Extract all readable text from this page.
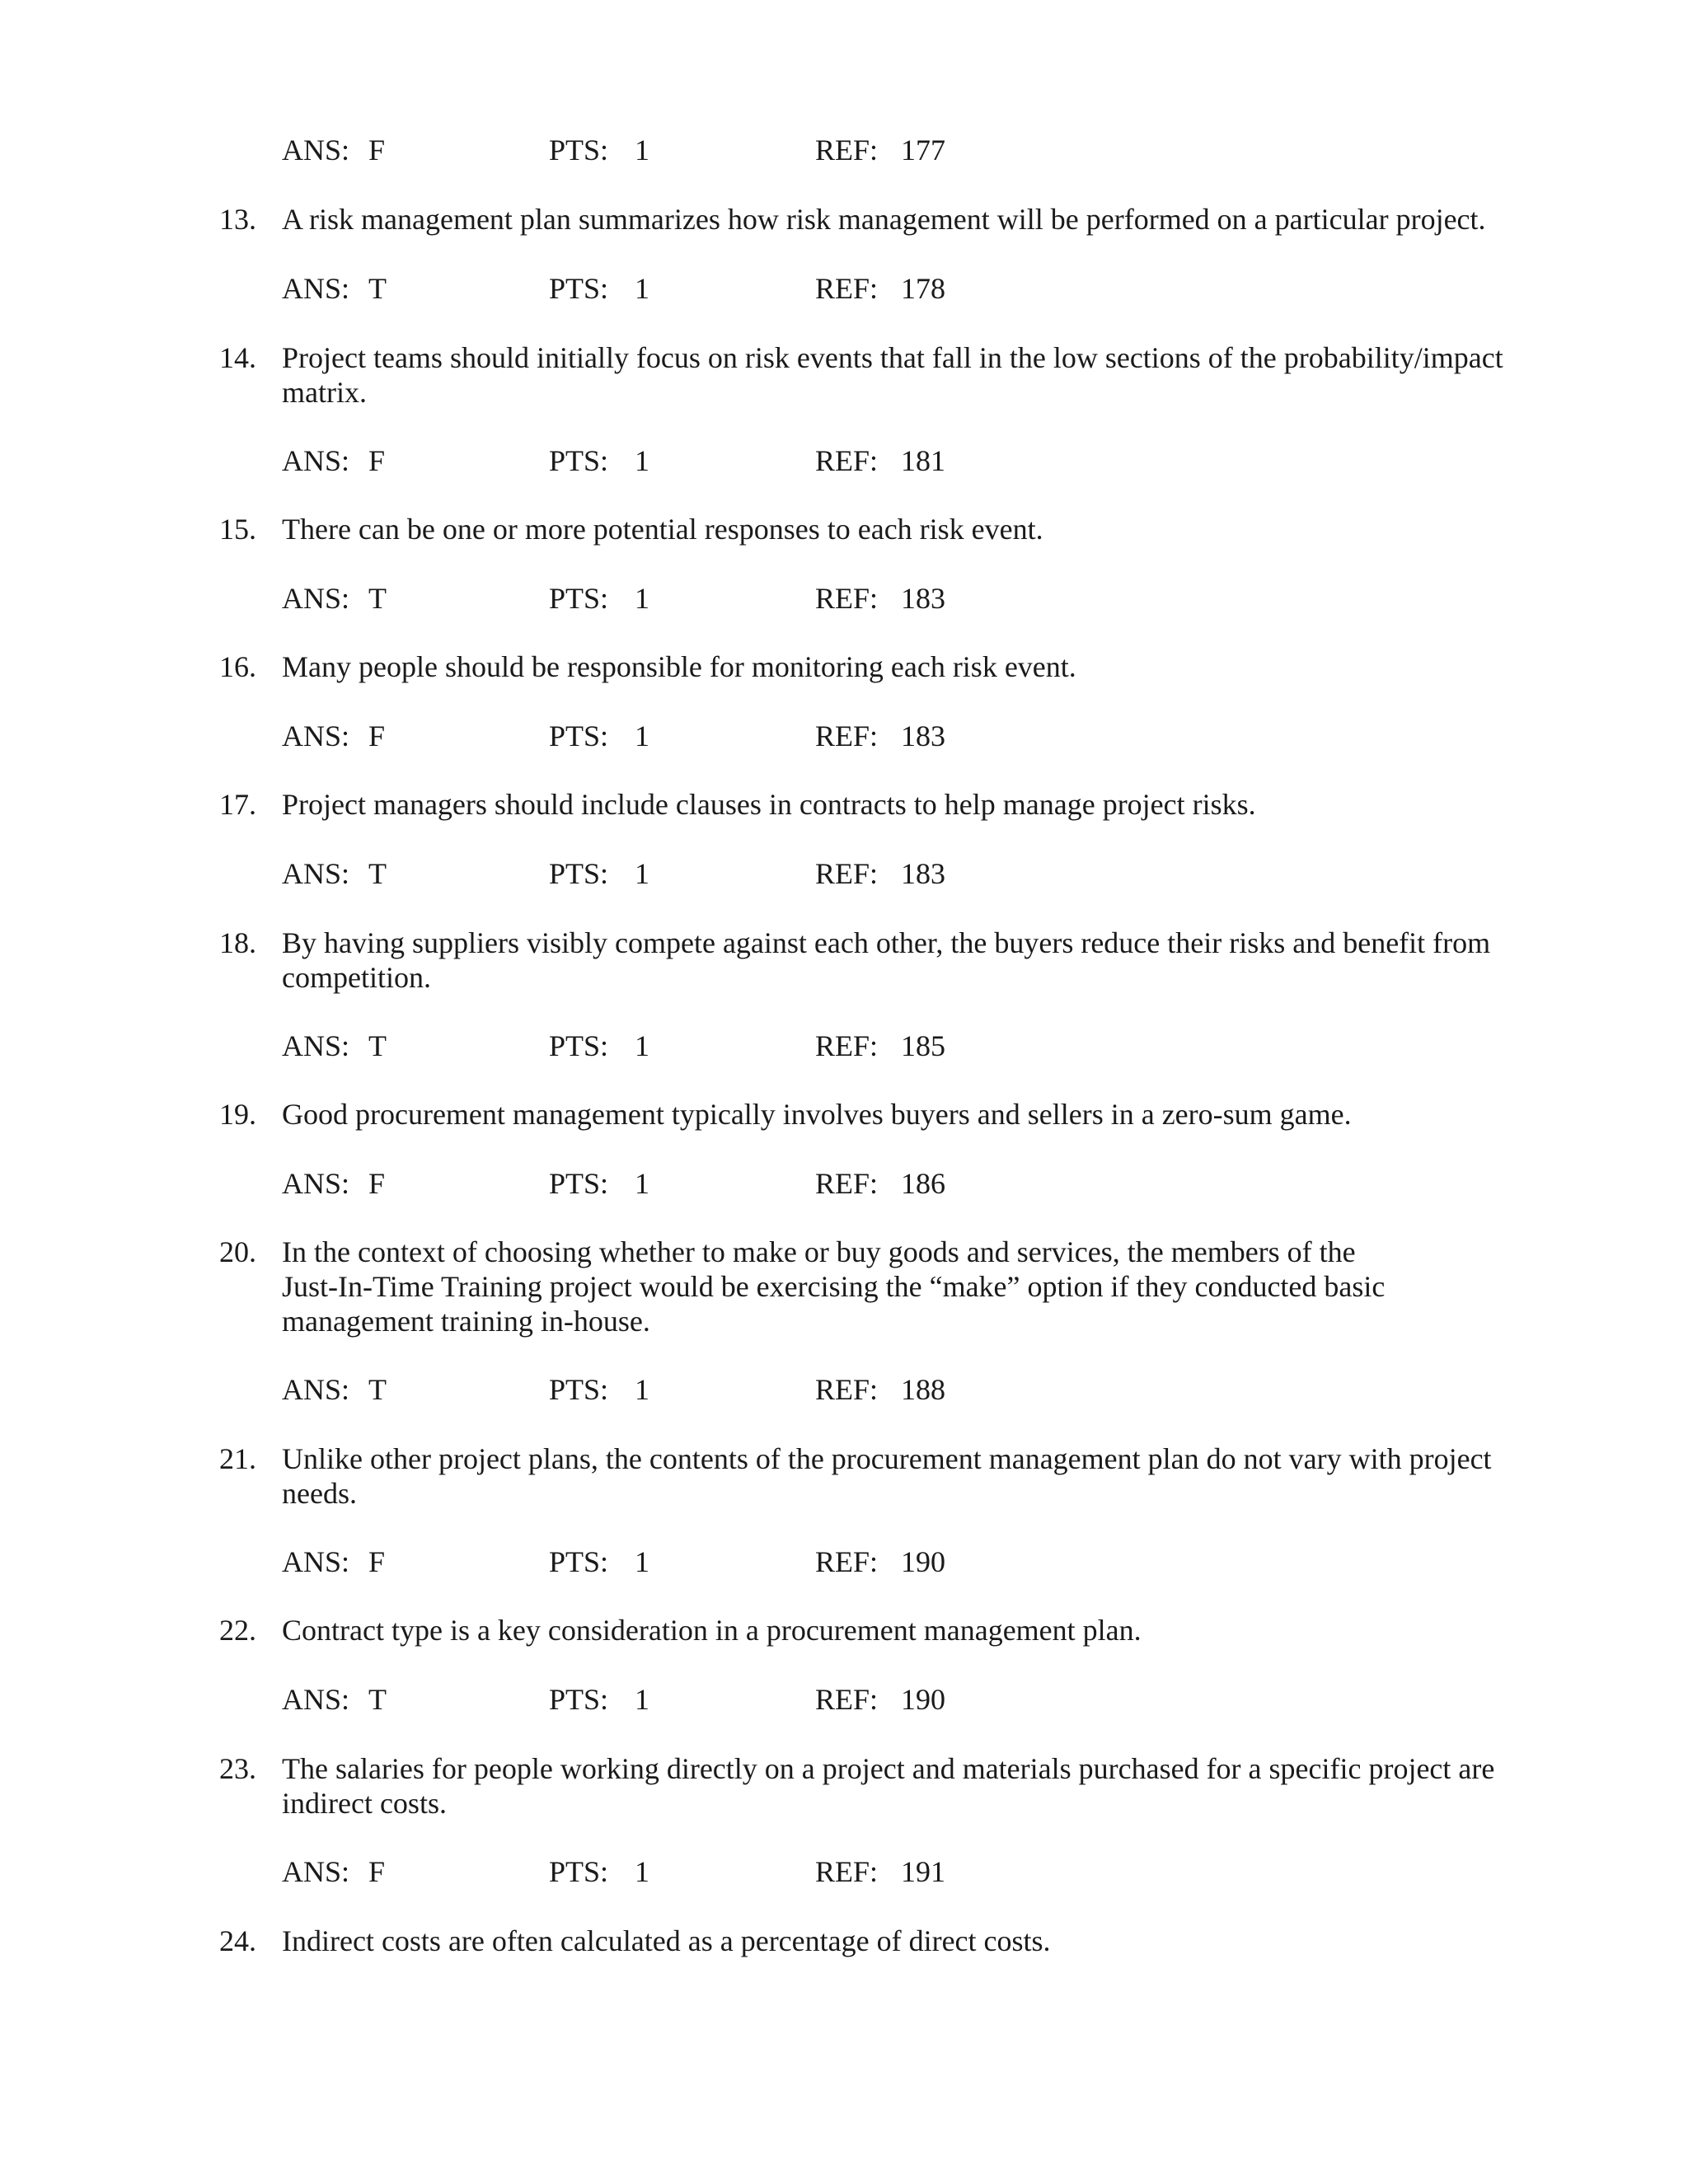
ANS: F	PTS: 1	REF: 177
13. A risk management plan summarizes how risk management will be performed on a particular project.
ANS: T	PTS: 1	REF: 178
14. Project teams should initially focus on risk events that fall in the low sections of the probability/impact
matrix.
ANS: F	PTS: 1	REF: 181
15. There can be one or more potential responses to each risk event.
ANS: T	PTS: 1	REF: 183
16. Many people should be responsible for monitoring each risk event.
ANS: F	PTS: 1	REF: 183
17. Project managers should include clauses in contracts to help manage project risks.
ANS: T	PTS: 1	REF: 183
18. By having suppliers visibly compete against each other, the buyers reduce their risks and benefit from
competition.
ANS: T	PTS: 1	REF: 185
19. Good procurement management typically involves buyers and sellers in a zero-sum game.
ANS: F	PTS: 1	REF: 186
20. In the context of choosing whether to make or buy goods and services, the members of the
Just-In-Time Training project would be exercising the “make” option if they conducted basic
management training in-house.
ANS: T	PTS: 1	REF: 188
21. Unlike other project plans, the contents of the procurement management plan do not vary with project
needs.
ANS: F	PTS: 1	REF: 190
22. Contract type is a key consideration in a procurement management plan.
ANS: T	PTS: 1	REF: 190
23. The salaries for people working directly on a project and materials purchased for a specific project are
indirect costs.
ANS: F	PTS: 1	REF: 191
24. Indirect costs are often calculated as a percentage of direct costs.
